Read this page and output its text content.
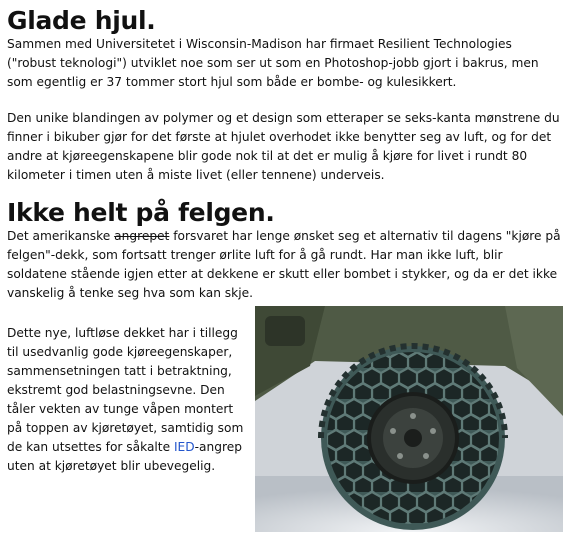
Glade hjul.

Sammen med Universitetet i Wisconsin-Madison har firmaet Resilient Technologies ("robust teknologi") utviklet noe som ser ut som en Photoshop-jobb gjort i bakrus, men som egentlig er 37 tommer stort hjul som både er bombe- og kulesikkert.

Den unike blandingen av polymer og et design som etteraper se seks-kanta mønstrene du finner i bikuber gjør for det første at hjulet overhodet ikke benytter seg av luft, og for det andre at kjøreegenskapene blir gode nok til at det er mulig å kjøre for livet i rundt 80 kilometer i timen uten å miste livet (eller tennene) underveis.

Ikke helt på felgen.

Det amerikanske angrepet forsvaret har lenge ønsket seg et alternativ til dagens "kjøre på felgen"-dekk, som fortsatt trenger ørlite luft for å gå rundt. Har man ikke luft, blir soldatene stående igjen etter at dekkene er skutt eller bombet i stykker, og da er det ikke vanskelig å tenke seg hva som kan skje.

Dette nye, luftløse dekket har i tillegg til usedvanlig gode kjøreegenskaper, sammensetningen tatt i betraktning, ekstremt god belastningsevne. Den tåler vekten av tunge våpen montert på toppen av kjøretøyet, samtidig som de kan utsettes for såkalte IED-angrep uten at kjøretøyet blir ubevegelig.
